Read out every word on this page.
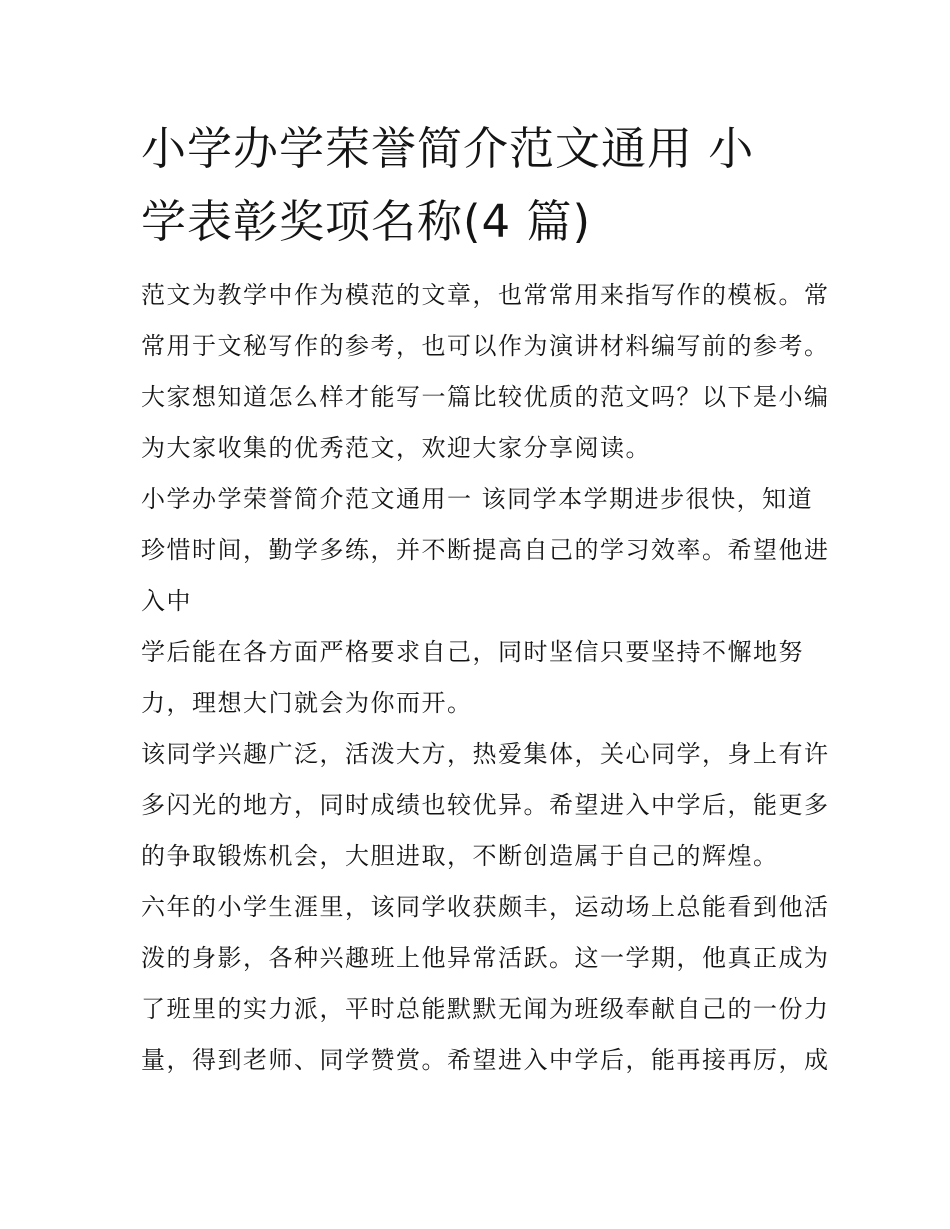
小学办学荣誉简介范文通用 小
学表彰奖项名称(4 篇)

范文为教学中作为模范的文章，也常常用来指写作的模板。常
常用于文秘写作的参考，也可以作为演讲材料编写前的参考。
大家想知道怎么样才能写一篇比较优质的范文吗？以下是小编
为大家收集的优秀范文，欢迎大家分享阅读。

小学办学荣誉简介范文通用一 该同学本学期进步很快，知道
珍惜时间，勤学多练，并不断提高自己的学习效率。希望他进
入中

学后能在各方面严格要求自己，同时坚信只要坚持不懈地努
力，理想大门就会为你而开。

该同学兴趣广泛，活泼大方，热爱集体，关心同学，身上有许
多闪光的地方，同时成绩也较优异。希望进入中学后，能更多
的争取锻炼机会，大胆进取，不断创造属于自己的辉煌。

六年的小学生涯里，该同学收获颇丰，运动场上总能看到他活
泼的身影，各种兴趣班上他异常活跃。这一学期，他真正成为
了班里的实力派，平时总能默默无闻为班级奉献自己的一份力
量，得到老师、同学赞赏。希望进入中学后，能再接再厉，成
